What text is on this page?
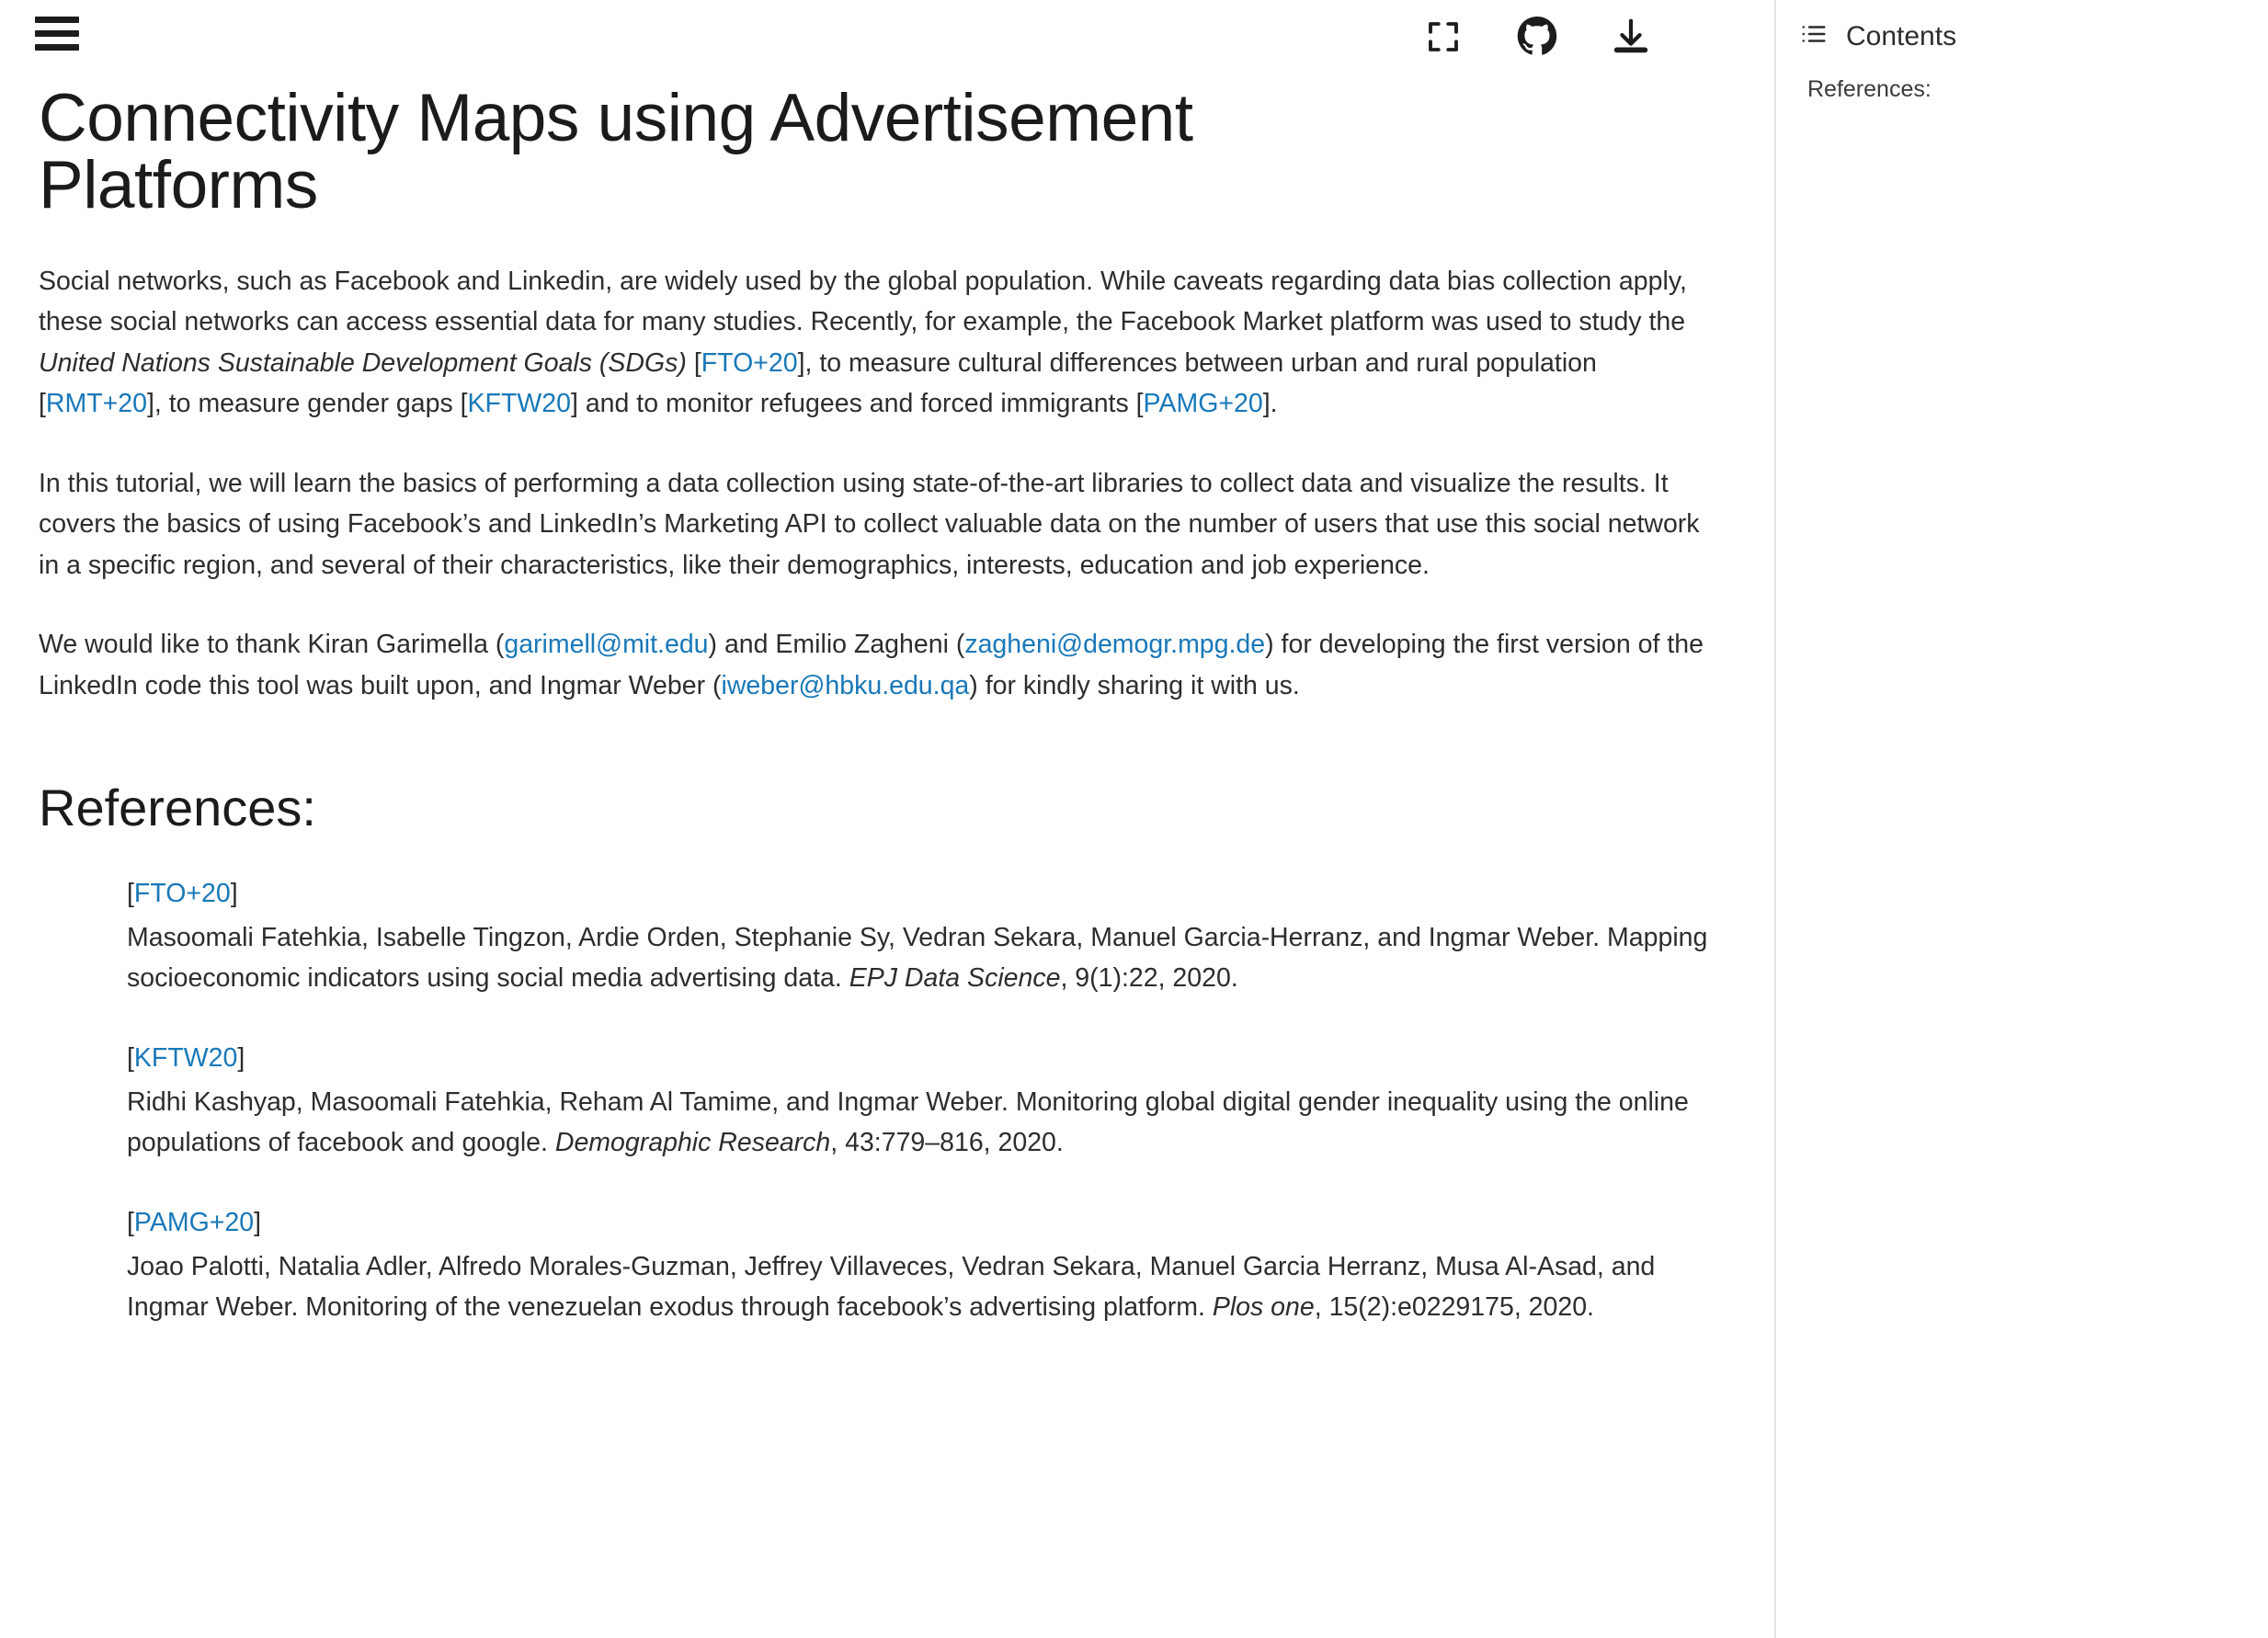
Connectivity Maps using Advertisement Platforms

Social networks, such as Facebook and Linkedin, are widely used by the global population. While caveats regarding data bias collection apply, these social networks can access essential data for many studies. Recently, for example, the Facebook Market platform was used to study the United Nations Sustainable Development Goals (SDGs) [FTO+20], to measure cultural differences between urban and rural population [RMT+20], to measure gender gaps [KFTW20] and to monitor refugees and forced immigrants [PAMG+20].

In this tutorial, we will learn the basics of performing a data collection using state-of-the-art libraries to collect data and visualize the results. It covers the basics of using Facebook’s and LinkedIn’s Marketing API to collect valuable data on the number of users that use this social network in a specific region, and several of their characteristics, like their demographics, interests, education and job experience.

We would like to thank Kiran Garimella (garimell@mit.edu) and Emilio Zagheni (zagheni@demogr.mpg.de) for developing the first version of the LinkedIn code this tool was built upon, and Ingmar Weber (iweber@hbku.edu.qa) for kindly sharing it with us.

References:
[FTO+20]
Masoomali Fatehkia, Isabelle Tingzon, Ardie Orden, Stephanie Sy, Vedran Sekara, Manuel Garcia-Herranz, and Ingmar Weber. Mapping socioeconomic indicators using social media advertising data. EPJ Data Science, 9(1):22, 2020.
[KFTW20]
Ridhi Kashyap, Masoomali Fatehkia, Reham Al Tamime, and Ingmar Weber. Monitoring global digital gender inequality using the online populations of facebook and google. Demographic Research, 43:779–816, 2020.
[PAMG+20]
Joao Palotti, Natalia Adler, Alfredo Morales-Guzman, Jeffrey Villaveces, Vedran Sekara, Manuel Garcia Herranz, Musa Al-Asad, and Ingmar Weber. Monitoring of the venezuelan exodus through facebook’s advertising platform. Plos one, 15(2):e0229175, 2020.
Contents
References:
